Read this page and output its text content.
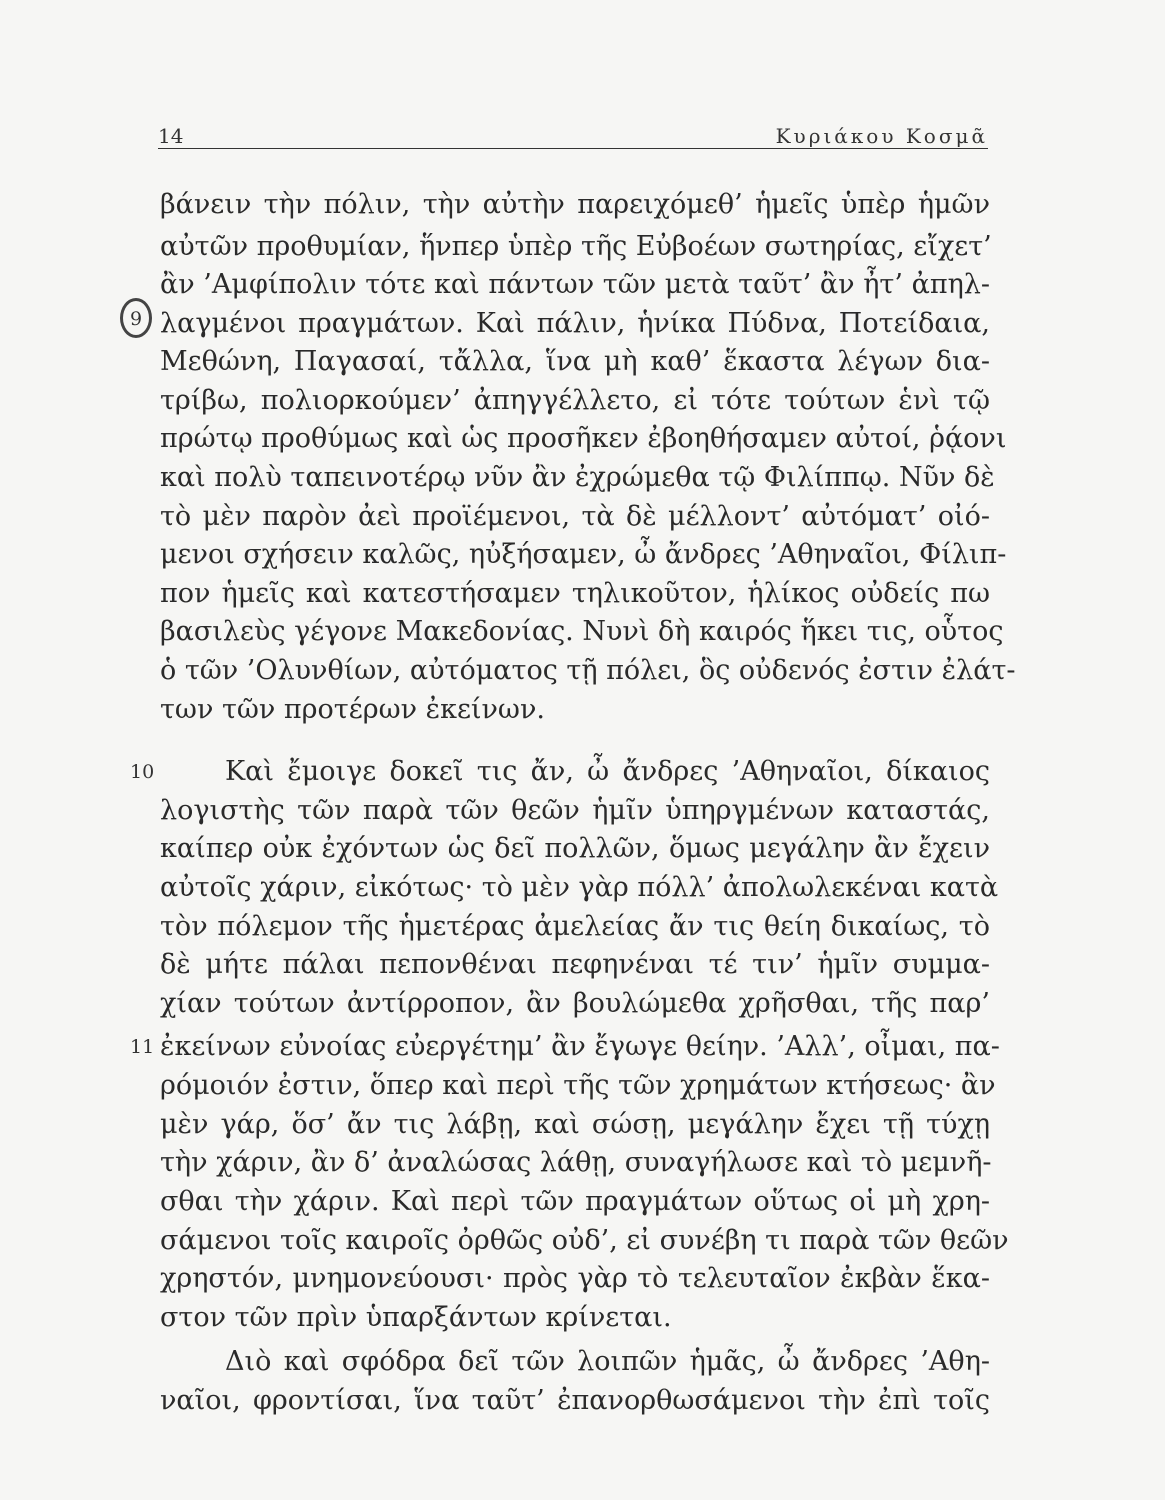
14	Κυριάκου Κοσμᾶ
9
10
11
βάνειν τὴν πόλιν, τὴν αὐτὴν παρειχόμεθ’ ἡμεῖς ὑπὲρ ἡμῶν
αὐτῶν προθυμίαν, ἥνπερ ὑπὲρ τῆς Εὐβοέων σωτηρίας, εἴχετ’
ἂν ’Αμφίπολιν τότε καὶ πάντων τῶν μετὰ ταῦτ’ ἂν ἦτ’ ἀπηλ-
λαγμένοι πραγμάτων. Καὶ πάλιν, ἡνίκα Πύδνα, Ποτείδαια,
Μεθώνη, Παγασαί, τἄλλα, ἵνα μὴ καθ’ ἕκαστα λέγων δια-
τρίβω, πολιορκούμεν’ ἀπηγγέλλετο, εἰ τότε τούτων ἑνὶ τῷ
πρώτῳ προθύμως καὶ ὡς προσῆκεν ἐβοηθήσαμεν αὐτοί, ῥᾴονι
καὶ πολὺ ταπεινοτέρῳ νῦν ἂν ἐχρώμεθα τῷ Φιλίππῳ. Νῦν δὲ
τὸ μὲν παρὸν ἀεὶ προϊέμενοι, τὰ δὲ μέλλοντ’ αὐτόματ’ οἰό-
μενοι σχήσειν καλῶς, ηὐξήσαμεν, ὦ ἄνδρες ’Αθηναῖοι, Φίλιπ-
πον ἡμεῖς καὶ κατεστήσαμεν τηλικοῦτον, ἡλίκος οὐδείς πω
βασιλεὺς γέγονε Μακεδονίας. Νυνὶ δὴ καιρός ἥκει τις, οὗτος
ὁ τῶν ’Ολυνθίων, αὐτόματος τῇ πόλει, ὃς οὐδενός ἐστιν ἐλάτ-
των τῶν προτέρων ἐκείνων.
Καὶ ἔμοιγε δοκεῖ τις ἄν, ὦ ἄνδρες ’Αθηναῖοι, δίκαιος
λογιστὴς τῶν παρὰ τῶν θεῶν ἡμῖν ὑπηργμένων καταστάς,
καίπερ οὐκ ἐχόντων ὡς δεῖ πολλῶν, ὅμως μεγάλην ἂν ἔχειν
αὐτοῖς χάριν, εἰκότως· τὸ μὲν γὰρ πόλλ’ ἀπολωλεκέναι κατὰ
τὸν πόλεμον τῆς ἡμετέρας ἀμελείας ἄν τις θείη δικαίως, τὸ
δὲ μήτε πάλαι πεπονθέναι πεφηνέναι τέ τιν’ ἡμῖν συμμα-
χίαν τούτων ἀντίρροπον, ἂν βουλώμεθα χρῆσθαι, τῆς παρ’
ἐκείνων εὐνοίας εὐεργέτημ’ ἂν ἔγωγε θείην. ’Αλλ’, οἶμαι, πα-
ρόμοιόν ἐστιν, ὅπερ καὶ περὶ τῆς τῶν χρημάτων κτήσεως· ἂν
μὲν γάρ, ὅσ’ ἄν τις λάβῃ, καὶ σώσῃ, μεγάλην ἔχει τῇ τύχῃ
τὴν χάριν, ἂν δ’ ἀναλώσας λάθῃ, συναγήλωσε καὶ τὸ μεμνῆ-
σθαι τὴν χάριν. Καὶ περὶ τῶν πραγμάτων οὕτως οἱ μὴ χρη-
σάμενοι τοῖς καιροῖς ὀρθῶς οὐδ’, εἰ συνέβη τι παρὰ τῶν θεῶν
χρηστόν, μνημονεύουσι· πρὸς γὰρ τὸ τελευταῖον ἐκβὰν ἕκα-
στον τῶν πρὶν ὑπαρξάντων κρίνεται.
Διὸ καὶ σφόδρα δεῖ τῶν λοιπῶν ἡμᾶς, ὦ ἄνδρες ’Αθη-
ναῖοι, φροντίσαι, ἵνα ταῦτ’ ἐπανορθωσάμενοι τὴν ἐπὶ τοῖς
